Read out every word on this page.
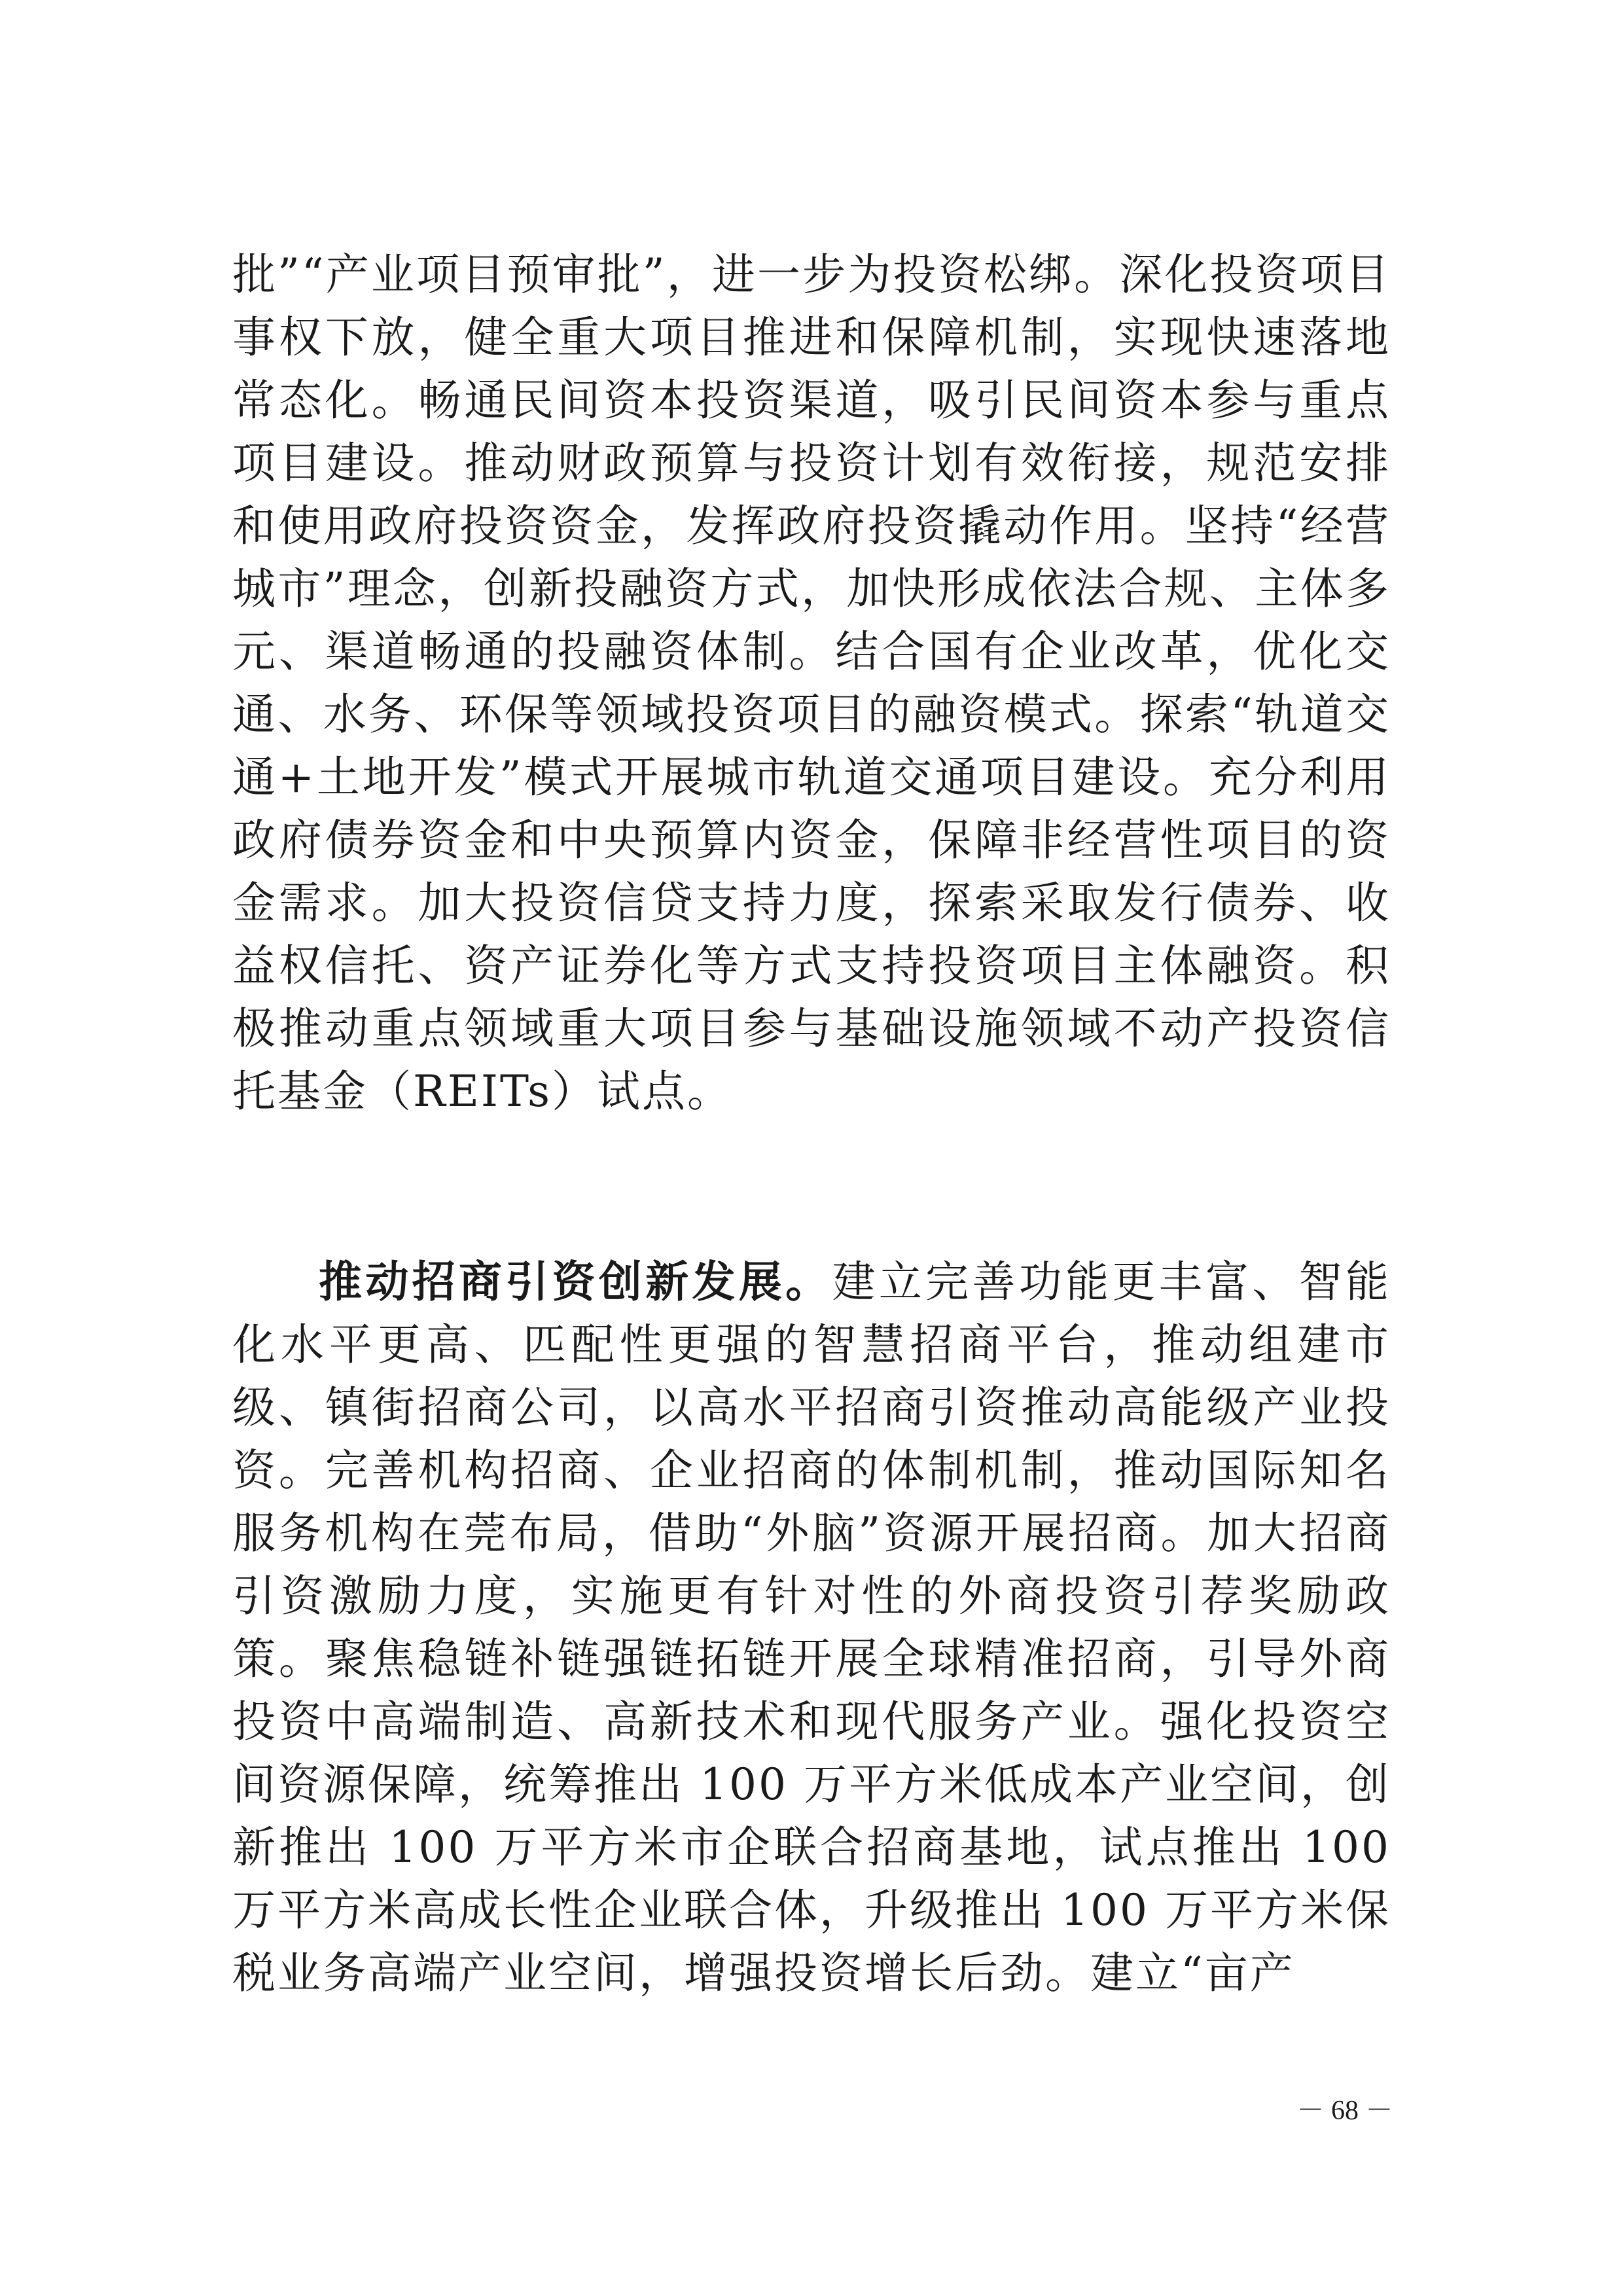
批”“产业项目预审批”，进一步为投资松绑。深化投资项目事权下放，健全重大项目推进和保障机制，实现快速落地常态化。畅通民间资本投资渠道，吸引民间资本参与重点项目建设。推动财政预算与投资计划有效衔接，规范安排和使用政府投资资金，发挥政府投资撬动作用。坚持“经营城市”理念，创新投融资方式，加快形成依法合规、主体多元、渠道畅通的投融资体制。结合国有企业改革，优化交通、水务、环保等领域投资项目的融资模式。探索“轨道交通+土地开发”模式开展城市轨道交通项目建设。充分利用政府债券资金和中央预算内资金，保障非经营性项目的资金需求。加大投资信贷支持力度，探索采取发行债券、收益权信托、资产证券化等方式支持投资项目主体融资。积极推动重点领域重大项目参与基础设施领域不动产投资信托基金（REITs）试点。

推动招商引资创新发展。建立完善功能更丰富、智能化水平更高、匹配性更强的智慧招商平台，推动组建市级、镇街招商公司，以高水平招商引资推动高能级产业投资。完善机构招商、企业招商的体制机制，推动国际知名服务机构在莞布局，借助“外脑”资源开展招商。加大招商引资激励力度，实施更有针对性的外商投资引荐奖励政策。聚焦稳链补链强链拓链开展全球精准招商，引导外商投资中高端制造、高新技术和现代服务产业。强化投资空间资源保障，统筹推出 100 万平方米低成本产业空间，创新推出 100 万平方米市企联合招商基地，试点推出 100 万平方米高成长性企业联合体，升级推出 100 万平方米保税业务高端产业空间，增强投资增长后劲。建立“亩产

－ 68 －
